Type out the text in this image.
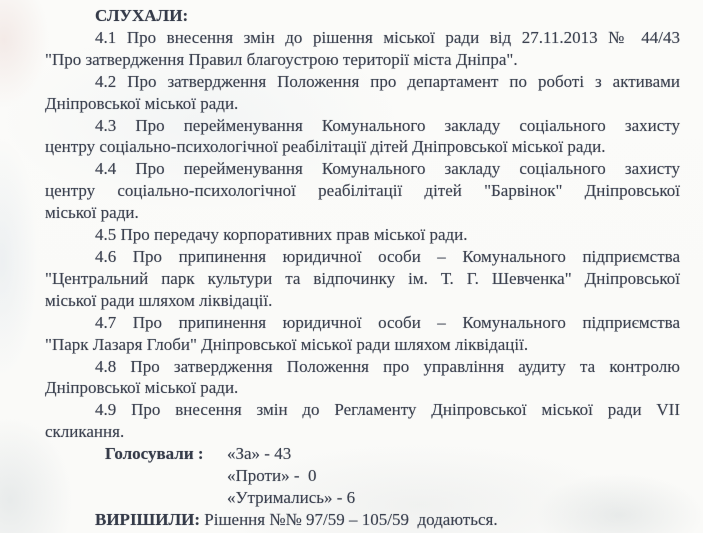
СЛУХАЛИ:
4.1 Про внесення змін до рішення міської ради від 27.11.2013 № 44/43
"Про затвердження Правил благоустрою території міста Дніпра".
4.2 Про затвердження Положення про департамент по роботі з активами
Дніпровської міської ради.
4.3 Про перейменування Комунального закладу соціального захисту
центру соціально-психологічної реабілітації дітей Дніпровської міської ради.
4.4 Про перейменування Комунального закладу соціального захисту
центру соціально-психологічної реабілітації дітей "Барвінок" Дніпровської
міської ради.
4.5 Про передачу корпоративних прав міської ради.
4.6 Про припинення юридичної особи – Комунального підприємства
"Центральний парк культури та відпочинку ім. Т. Г. Шевченка" Дніпровської
міської ради шляхом ліквідації.
4.7 Про припинення юридичної особи – Комунального підприємства
"Парк Лазаря Глоби" Дніпровської міської ради шляхом ліквідації.
4.8 Про затвердження Положення про управління аудиту та контролю
Дніпровської міської ради.
4.9 Про внесення змін до Регламенту Дніпровської міської ради VII
скликання.
Голосували : «За» - 43
«Проти» -  0
«Утримались» - 6
ВИРІШИЛИ: Рішення №№ 97/59 – 105/59  додаються.
